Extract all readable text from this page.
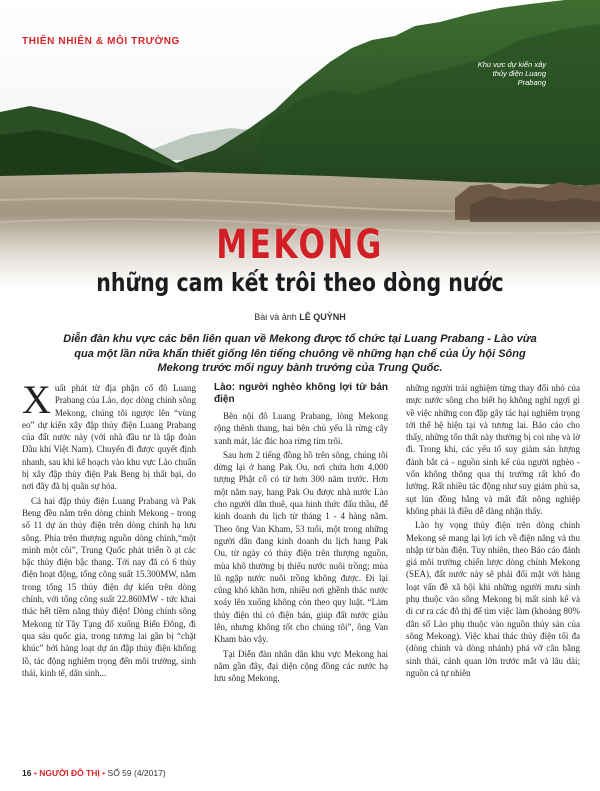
THIÊN NHIÊN & MÔI TRƯỜNG
Khu vực dự kiến xây thủy điện Luang Prabang
MEKONG
những cam kết trôi theo dòng nước
Bài và ảnh LÊ QUỲNH
Diễn đàn khu vực các bên liên quan về Mekong được tổ chức tại Luang Prabang - Lào vừa qua một lần nữa khẩn thiết giống lên tiếng chuông về những hạn chế của Ủy hội Sông Mekong trước mối nguy bành trướng của Trung Quốc.

Xuất phát từ địa phận cố đô Luang Prabang của Lào, dọc dòng chính sông Mekong, chúng tôi ngược lên “vùng eo” dự kiến xây đập thủy điện Luang Prabang của đất nước này (với nhà đầu tư là tập đoàn Dầu khí Việt Nam). Chuyến đi được quyết định nhanh, sau khi kế hoạch vào khu vực Lào chuẩn bị xây đập thủy điện Pak Beng bị thất bại, do nơi đây đã bị quân sự hóa.

Cả hai đập thủy điện Luang Prabang và Pak Beng đều nằm trên dòng chính Mekong - trong số 11 dự án thủy điện trên dòng chính hạ lưu sông. Phía trên thượng nguồn dòng chính,“một mình một cõi”, Trung Quốc phát triển ồ ạt các bậc thủy điện bậc thang. Tới nay đã có 6 thủy điện hoạt động, tổng công suất 15.300MW, nằm trong tổng 15 thủy điện dự kiến trên dòng chính, với tổng công suất 22.860MW - tức khai thác hết tiềm năng thủy điện! Dòng chính sông Mekong từ Tây Tạng đổ xuống Biển Đông, đi qua sáu quốc gia, trong tương lai gần bị “chặt khúc” bởi hàng loạt dự án đập thủy điện khổng lồ, tác động nghiêm trọng đến môi trường, sinh thái, kinh tế, dân sinh...

Lào: người nghèo không lợi từ bán điện

Bên nội đô Luang Prabang, lòng Mekong rộng thênh thang, hai bên chủ yếu là rừng cây xanh mát, lác đác hoa rừng tím trôi.

Sau hơn 2 tiếng đồng hồ trên sông, chúng tôi dừng lại ở hang Pak Ou, nơi chứa hơn 4.000 tượng Phật cổ có từ hơn 300 năm trước. Hơn một năm nay, hang Pak Ou được nhà nước Lào cho người dân thuê, qua hình thức đấu thầu, để kinh doanh du lịch từ tháng 1 - 4 hàng năm. Theo ông Van Kham, 53 tuổi, một trong những người dân đang kinh doanh du lịch hang Pak Ou, từ ngày có thủy điện trên thượng nguồn, mùa khô thường bị thiếu nước nuôi trồng; mùa lũ ngập nước nuôi trồng không được. Đi lại cũng khó khăn hơn, nhiều nơi ghềnh thác nước xoáy lên xuống không còn theo quy luật. “Làm thủy điện thì có điện bán, giúp đất nước giàu lên, nhưng không tốt cho chúng tôi”, ông Van Kham bảo vậy.

Tại Diễn đàn nhân dân khu vực Mekong hai năm gần đây, đại diện cộng đồng các nước hạ lưu sông Mekong,

những người trải nghiệm từng thay đổi nhỏ của mực nước sông cho biết họ không nghĩ ngợi gì về việc những con đập gây tác hại nghiêm trọng tới thể hệ hiện tại và tương lai. Báo cáo cho thấy, những tổn thất này thường bị coi nhẹ và lờ đi. Trong khi, các yếu tố suy giảm sản lượng đánh bắt cá - nguồn sinh kế của người nghèo - vốn không thông qua thị trường rất khó đo lường. Rất nhiều tác động như suy giảm phù sa, sụt lún đồng bằng và mất đất nông nghiệp không phải là điều dễ dàng nhận thấy.

Lào hy vọng thủy điện trên dòng chính Mekong sẽ mang lại lợi ích về điện năng và thu nhập từ bán điện. Tuy nhiên, theo Báo cáo đánh giá môi trường chiến lược dòng chính Mekong (SEA), đất nước này sẽ phải đối mặt với hàng loạt vấn đề xã hội khi những người mưu sinh phụ thuộc vào sông Mekong bị mất sinh kế và di cư ra các đô thị để tìm việc làm (khoảng 80% dân số Lào phụ thuộc vào nguồn thủy sản của sông Mekong). Việc khai thác thủy điện tối đa (dòng chính và dòng nhánh) phá vỡ cân bằng sinh thái, cảnh quan lớn trước mắt và lâu dài; nguồn cá tự nhiên

16 • NGƯỜI ĐÔ THỊ • SỐ 59 (4/2017)
